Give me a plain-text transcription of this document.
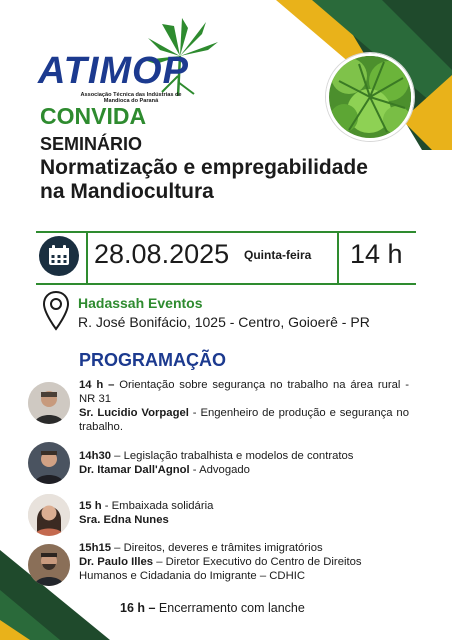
ATIMOP
Associação Técnica das Indústrias de Mandioca do Paraná
CONVIDA
SEMINÁRIO
Normatização e empregabilidade
na Mandiocultura
28.08.2025 Quinta-feira 14 h
Hadassah Eventos
R. José Bonifácio, 1025 - Centro, Goioerê - PR
PROGRAMAÇÃO
14 h – Orientação sobre segurança no trabalho na área rural - NR 31
Sr. Lucidio Vorpagel - Engenheiro de produção e segurança no trabalho.
14h30 – Legislação trabalhista e modelos de contratos
Dr. Itamar Dall'Agnol - Advogado
15 h - Embaixada solidária
Sra. Edna Nunes
15h15 – Direitos, deveres e trâmites imigratórios
Dr. Paulo Illes – Diretor Executivo do Centro de Direitos Humanos e Cidadania do Imigrante – CDHIC
16 h – Encerramento com lanche
